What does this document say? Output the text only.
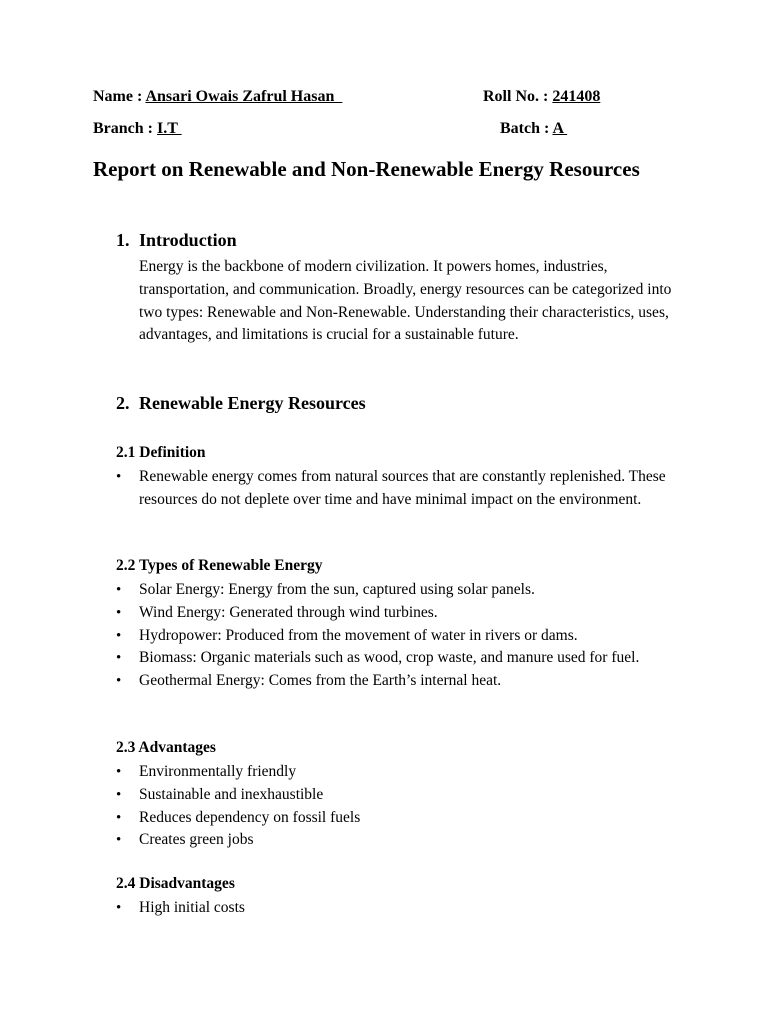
Name : Ansari Owais Zafrul Hasan	Roll No. : 241408
Branch : I.T	Batch : A
Report on Renewable and Non-Renewable Energy Resources
1. Introduction

Energy is the backbone of modern civilization. It powers homes, industries, transportation, and communication. Broadly, energy resources can be categorized into two types: Renewable and Non-Renewable. Understanding their characteristics, uses, advantages, and limitations is crucial for a sustainable future.

2. Renewable Energy Resources
2.1 Definition
•	Renewable energy comes from natural sources that are constantly replenished. These resources do not deplete over time and have minimal impact on the environment.
2.2 Types of Renewable Energy
•	Solar Energy: Energy from the sun, captured using solar panels.
•	Wind Energy: Generated through wind turbines.
•	Hydropower: Produced from the movement of water in rivers or dams.
•	Biomass: Organic materials such as wood, crop waste, and manure used for fuel.
•	Geothermal Energy: Comes from the Earth’s internal heat.
2.3 Advantages
•	Environmentally friendly
•	Sustainable and inexhaustible
•	Reduces dependency on fossil fuels
•	Creates green jobs
2.4 Disadvantages
•	High initial costs
